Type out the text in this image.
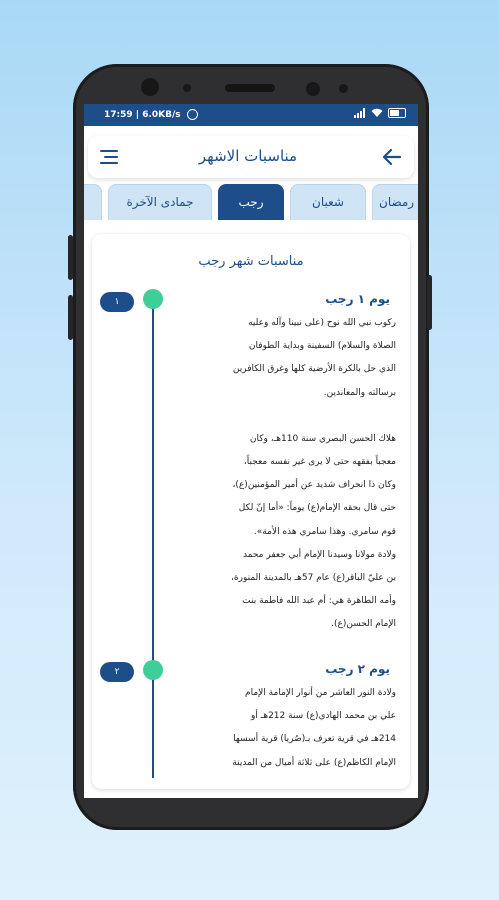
17:59 | 6.0KB/s
مناسبات الاشهر
جمادى الآخرة	رجب	شعبان	رمضان
مناسبات شهر رجب
١	يوم ١ رجب
ركوب نبي الله نوح (على نبينا وآله وعليه
الصلاة والسلام) السفينة وبداية الطوفان
الذي حل بالكرة الأرضية كلها وغرق الكافرين
برسالته والمعاندين.
هلاك الحسن البصري سنة 110هـ، وكان
معجباً بفقهه حتى لا يرى غير نفسه معجباً،
وكان ذا انحراف شديد عن أمير المؤمنين(ع)،
حتى قال بحقه الإمام(ع) يوماً: «أما إنّ لكل
قوم سامري. وهذا سامري هذه الأمة».
ولادة مولانا وسيدنا الإمام أبي جعفر محمد
بن عليّ الباقر(ع) عام 57هـ بالمدينة المنورة،
وأمه الطاهرة هي: أم عبد الله فاطمة بنت
الإمام الحسن(ع).
٢	يوم ٢ رجب
ولادة النور العاشر من أنوار الإمامة الإمام
علي بن محمد الهادي(ع) سنة 212هـ أو
214هـ في قرية تعرف بـ(صُريا) قرية أسسها
الإمام الكاظم(ع) على ثلاثة أميال من المدينة
